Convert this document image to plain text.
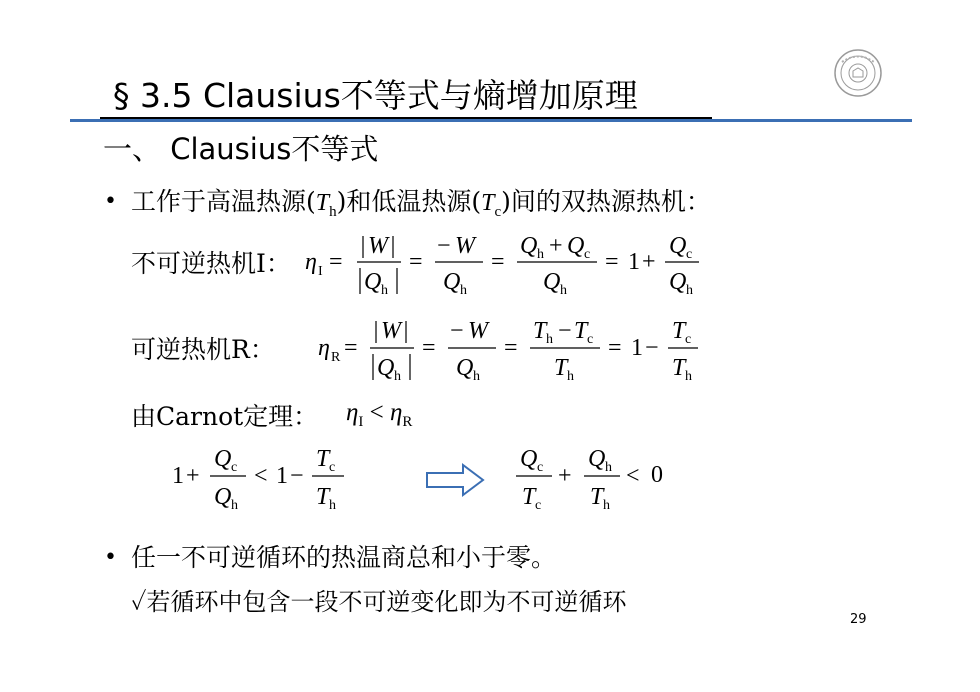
§ 3.5 Clausius不等式与熵增加原理
一、 Clausius不等式
• 工作于高温热源$(T_h)$和低温热源$(T_c)$间的双热源热机：
不可逆热机I： η I =
W
Q h
=
− W
Q h
=
Q h + Q c
Q h
= 1 +
Q c
Q h
可逆热机R： η R =
W
Q h
=
− W
Q h
=
T h − T c
T h
= 1 −
T c
T h
由Carnot定理： $\eta_I < \eta_R$
1 +
Q c
Q h
< 1 −
T c
T h
Q c
T c
+
Q h
T h
< 0
• 任一不可逆循环的热温商总和小于零。
✓若循环中包含一段不可逆变化即为不可逆循环
29
